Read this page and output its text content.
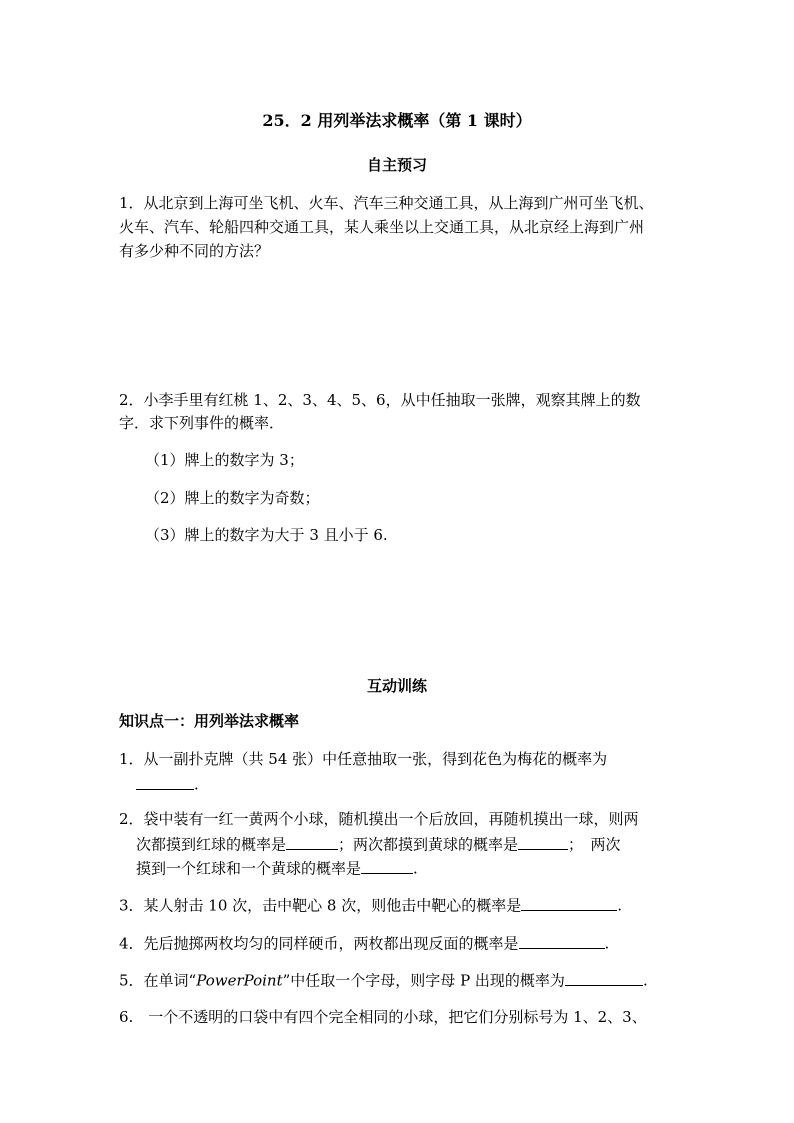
25．2 用列举法求概率（第 1 课时）
自主预习
1．从北京到上海可坐飞机、火车、汽车三种交通工具，从上海到广州可坐飞机、
火车、汽车、轮船四种交通工具，某人乘坐以上交通工具，从北京经上海到广州
有多少种不同的方法？
2．小李手里有红桃 1、2、3、4、5、6，从中任抽取一张牌，观察其牌上的数
字．求下列事件的概率．
（1）牌上的数字为 3；
（2）牌上的数字为奇数；
（3）牌上的数字为大于 3 且小于 6.
互动训练
知识点一：用列举法求概率
1．从一副扑克牌（共 54 张）中任意抽取一张，得到花色为梅花的概率为
.
2．袋中装有一红一黄两个小球，随机摸出一个后放回，再随机摸出一球，则两
次都摸到红球的概率是	；两次都摸到黄球的概率是	；　两次
摸到一个红球和一个黄球的概率是	.
3．某人射击 10 次，击中靶心 8 次，则他击中靶心的概率是	.
4．先后抛掷两枚均匀的同样硬币，两枚都出现反面的概率是	.
5．在单词“PowerPoint”中任取一个字母，则字母 P 出现的概率为	.
6.　一个不透明的口袋中有四个完全相同的小球，把它们分别标号为 1、2、3、
